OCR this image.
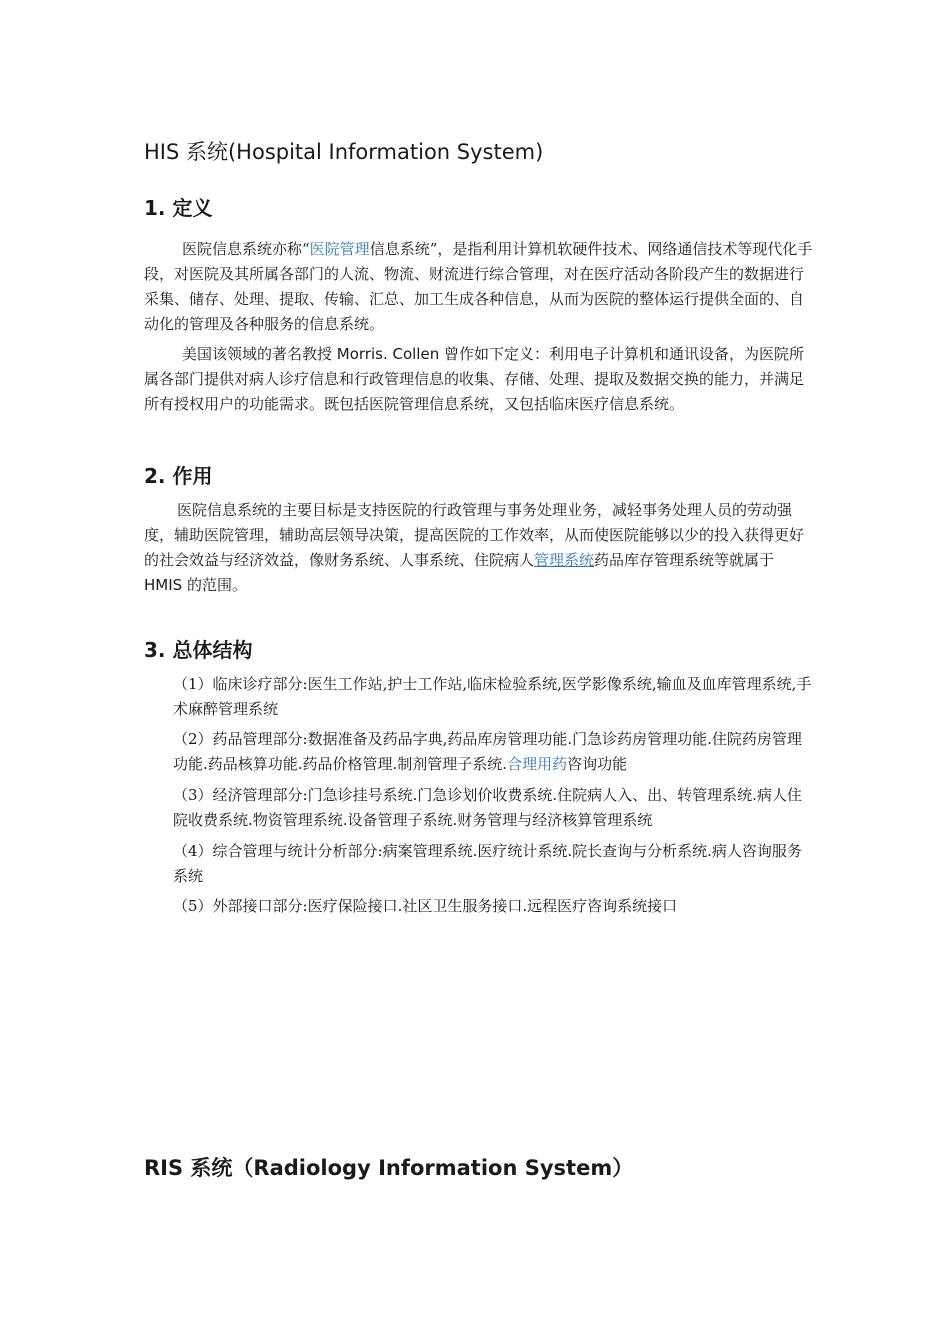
HIS 系统(Hospital Information System)
1. 定义

医院信息系统亦称“医院管理信息系统”，是指利用计算机软硬件技术、网络通信技术等现代化手段，对医院及其所属各部门的人流、物流、财流进行综合管理，对在医疗活动各阶段产生的数据进行采集、储存、处理、提取、传输、汇总、加工生成各种信息，从而为医院的整体运行提供全面的、自动化的管理及各种服务的信息系统。

美国该领域的著名教授 Morris. Collen 曾作如下定义：利用电子计算机和通讯设备，为医院所属各部门提供对病人诊疗信息和行政管理信息的收集、存储、处理、提取及数据交换的能力，并满足所有授权用户的功能需求。既包括医院管理信息系统，又包括临床医疗信息系统。

2. 作用

医院信息系统的主要目标是支持医院的行政管理与事务处理业务，减轻事务处理人员的劳动强度，辅助医院管理，辅助高层领导决策，提高医院的工作效率，从而使医院能够以少的投入获得更好的社会效益与经济效益，像财务系统、人事系统、住院病人管理系统药品库存管理系统等就属于 HMIS 的范围。

3. 总体结构
（1）临床诊疗部分:医生工作站,护士工作站,临床检验系统,医学影像系统,输血及血库管理系统,手术麻醉管理系统
（2）药品管理部分:数据准备及药品字典,药品库房管理功能.门急诊药房管理功能.住院药房管理功能.药品核算功能.药品价格管理.制剂管理子系统.合理用药咨询功能
（3）经济管理部分:门急诊挂号系统.门急诊划价收费系统.住院病人入、出、转管理系统.病人住院收费系统.物资管理系统.设备管理子系统.财务管理与经济核算管理系统
（4）综合管理与统计分析部分:病案管理系统.医疗统计系统.院长查询与分析系统.病人咨询服务系统
（5）外部接口部分:医疗保险接口.社区卫生服务接口.远程医疗咨询系统接口
RIS 系统（Radiology Information System）
